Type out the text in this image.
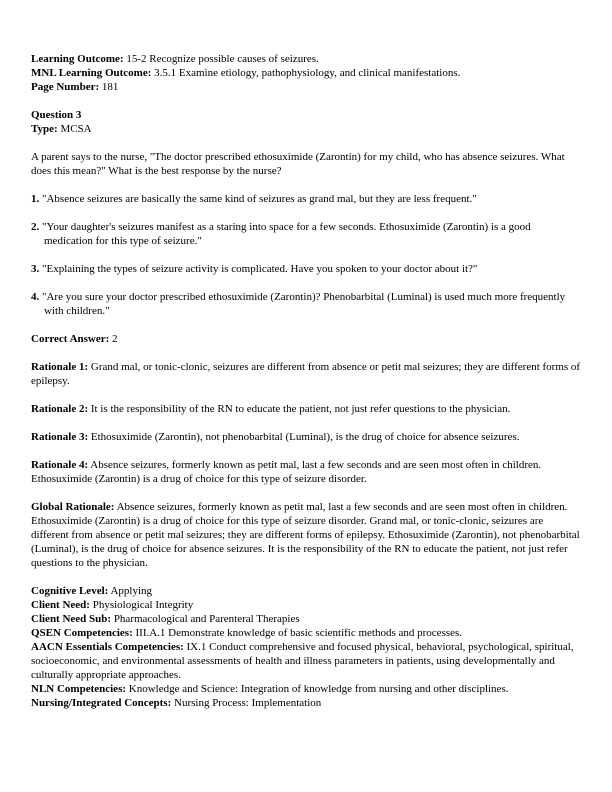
Learning Outcome: 15-2 Recognize possible causes of seizures.

MNL Learning Outcome: 3.5.1 Examine etiology, pathophysiology, and clinical manifestations.

Page Number: 181

Question 3

Type: MCSA

A parent says to the nurse, "The doctor prescribed ethosuximide (Zarontin) for my child, who has absence seizures. What does this mean?" What is the best response by the nurse?

1. "Absence seizures are basically the same kind of seizures as grand mal, but they are less frequent."

2. "Your daughter's seizures manifest as a staring into space for a few seconds. Ethosuximide (Zarontin) is a good medication for this type of seizure."

3. "Explaining the types of seizure activity is complicated. Have you spoken to your doctor about it?"

4. "Are you sure your doctor prescribed ethosuximide (Zarontin)? Phenobarbital (Luminal) is used much more frequently with children."

Correct Answer: 2

Rationale 1: Grand mal, or tonic-clonic, seizures are different from absence or petit mal seizures; they are different forms of epilepsy.

Rationale 2: It is the responsibility of the RN to educate the patient, not just refer questions to the physician.

Rationale 3: Ethosuximide (Zarontin), not phenobarbital (Luminal), is the drug of choice for absence seizures.

Rationale 4: Absence seizures, formerly known as petit mal, last a few seconds and are seen most often in children. Ethosuximide (Zarontin) is a drug of choice for this type of seizure disorder.

Global Rationale: Absence seizures, formerly known as petit mal, last a few seconds and are seen most often in children. Ethosuximide (Zarontin) is a drug of choice for this type of seizure disorder. Grand mal, or tonic-clonic, seizures are different from absence or petit mal seizures; they are different forms of epilepsy. Ethosuximide (Zarontin), not phenobarbital (Luminal), is the drug of choice for absence seizures. It is the responsibility of the RN to educate the patient, not just refer questions to the physician.

Cognitive Level: Applying

Client Need: Physiological Integrity

Client Need Sub: Pharmacological and Parenteral Therapies

QSEN Competencies: III.A.1 Demonstrate knowledge of basic scientific methods and processes.

AACN Essentials Competencies: IX.1 Conduct comprehensive and focused physical, behavioral, psychological, spiritual, socioeconomic, and environmental assessments of health and illness parameters in patients, using developmentally and culturally appropriate approaches.

NLN Competencies: Knowledge and Science: Integration of knowledge from nursing and other disciplines.

Nursing/Integrated Concepts: Nursing Process: Implementation
